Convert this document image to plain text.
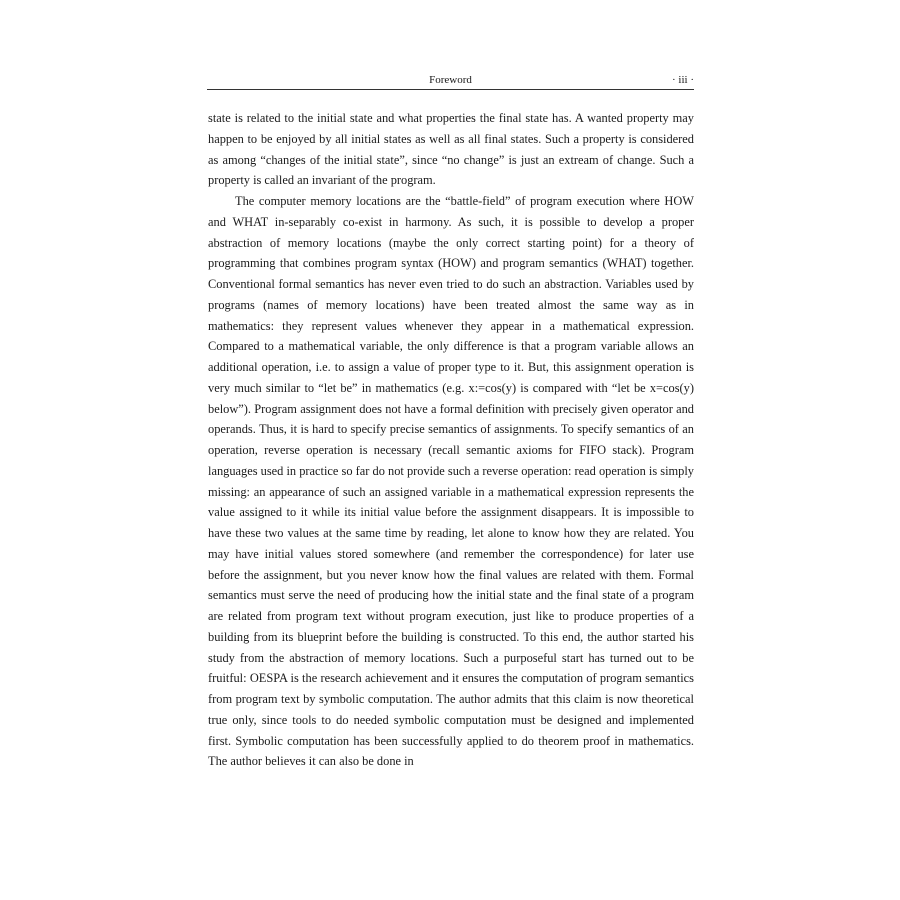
Foreword	· iii ·

state is related to the initial state and what properties the final state has. A wanted property may happen to be enjoyed by all initial states as well as all final states. Such a property is considered as among “changes of the initial state”, since “no change” is just an extream of change. Such a property is called an invariant of the program.

The computer memory locations are the “battle-field” of program execution where HOW and WHAT in-separably co-exist in harmony. As such, it is possible to develop a proper abstraction of memory locations (maybe the only correct starting point) for a theory of programming that combines program syntax (HOW) and program semantics (WHAT) together. Conventional formal semantics has never even tried to do such an abstraction. Variables used by programs (names of memory locations) have been treated almost the same way as in mathematics: they represent values whenever they appear in a mathematical expression. Compared to a mathematical variable, the only difference is that a program variable allows an additional operation, i.e. to assign a value of proper type to it. But, this assignment operation is very much similar to “let be” in mathematics (e.g. x:=cos(y) is compared with “let be x=cos(y) below”). Program assignment does not have a formal definition with precisely given operator and operands. Thus, it is hard to specify precise semantics of assignments. To specify semantics of an operation, reverse operation is necessary (recall semantic axioms for FIFO stack). Program languages used in practice so far do not provide such a reverse operation: read operation is simply missing: an appearance of such an assigned variable in a mathematical expression represents the value assigned to it while its initial value before the assignment disappears. It is impossible to have these two values at the same time by reading, let alone to know how they are related. You may have initial values stored somewhere (and remember the correspondence) for later use before the assignment, but you never know how the final values are related with them. Formal semantics must serve the need of producing how the initial state and the final state of a program are related from program text without program execution, just like to produce properties of a building from its blueprint before the building is constructed. To this end, the author started his study from the abstraction of memory locations. Such a purposeful start has turned out to be fruitful: OESPA is the research achievement and it ensures the computation of program semantics from program text by symbolic computation. The author admits that this claim is now theoretical true only, since tools to do needed symbolic computation must be designed and implemented first. Symbolic computation has been successfully applied to do theorem proof in mathematics. The author believes it can also be done in
